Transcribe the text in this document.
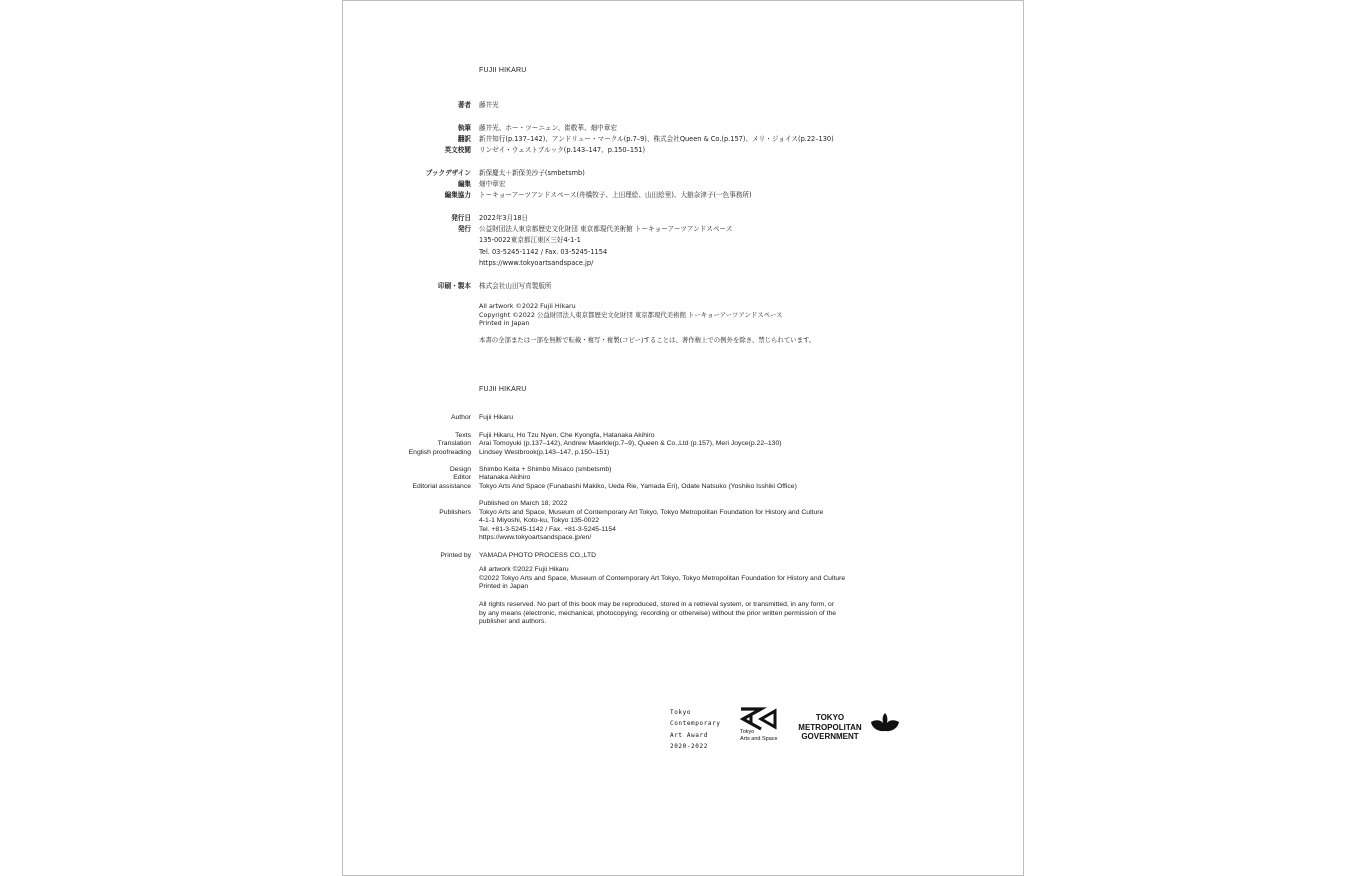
FUJII HIKARU
All artwork ©2022 Fujii Hikaru
Copyright ©2022 公益財団法人東京都歴史文化財団 東京都現代美術館 トーキョーアーツアンドスペース
Printed in Japan
本書の全部または一部を無断で転載・複写・複製(コピー)することは、著作権上での例外を除き、禁じられています。
FUJII HIKARU
All artwork ©2022 Fujii Hikaru
©2022 Tokyo Arts and Space, Museum of Contemporary Art Tokyo, Tokyo Metropolitan Foundation for History and Culture
Printed in Japan
All rights reserved. No part of this book may be reproduced, stored in a retrieval system, or transmitted, in any form, or
by any means (electronic, mechanical, photocopying, recording or otherwise) without the prior written permission of the
publisher and authors.
Tokyo
Contemporary
Art Award
2020-2022
Tokyo
Arts and Space
TOKYO
METROPOLITAN
GOVERNMENT
著者 藤井光
執筆 藤井光、ホー・ツーニェン、崔敬華、畑中章宏
翻訳 新井知行(p.137–142)、アンドリュー・マークル(p.7–9)、株式会社Queen & Co.(p.157)、メリ・ジョイス(p.22–130)
英文校閲 リンゼイ・ウェストブルック(p.143–147、p.150–151)
ブックデザイン 新保慶太＋新保美沙子(smbetsmb)
編集 畑中章宏
編集協力 トーキョーアーツアンドスペース(舟橋牧子、上田理絵、山田絵里)、大舘奈津子(一色事務所)
発行日 2022年3月18日
発行 公益財団法人東京都歴史文化財団 東京都現代美術館 トーキョーアーツアンドスペース
135-0022東京都江東区三好4-1-1
Tel. 03-5245-1142 / Fax. 03-5245-1154
https://www.tokyoartsandspace.jp/
印刷・製本 株式会社山田写真製版所
Author Fujii Hikaru
Texts Fujii Hikaru, Ho Tzu Nyen, Che Kyongfa, Hatanaka Akihiro
Translation Arai Tomoyuki (p.137–142), Andrew Maerkle(p.7–9), Queen & Co.,Ltd (p.157), Meri Joyce(p.22–130)
English proofreading Lindsey Westbrook(p.143–147, p.150–151)
Design Shimbo Keita + Shimbo Misaco (smbetsmb)
Editor Hatanaka Akihiro
Editorial assistance Tokyo Arts And Space (Funabashi Makiko, Ueda Rie, Yamada Eri), Odate Natsuko (Yoshiko Isshiki Office)
Published on March 18, 2022
Publishers Tokyo Arts and Space, Museum of Contemporary Art Tokyo, Tokyo Metropolitan Foundation for History and Culture
4-1-1 Miyoshi, Koto-ku, Tokyo 135-0022
Tel. +81-3-5245-1142 / Fax. +81-3-5245-1154
https://www.tokyoartsandspace.jp/en/
Printed by YAMADA PHOTO PROCESS CO.,LTD
